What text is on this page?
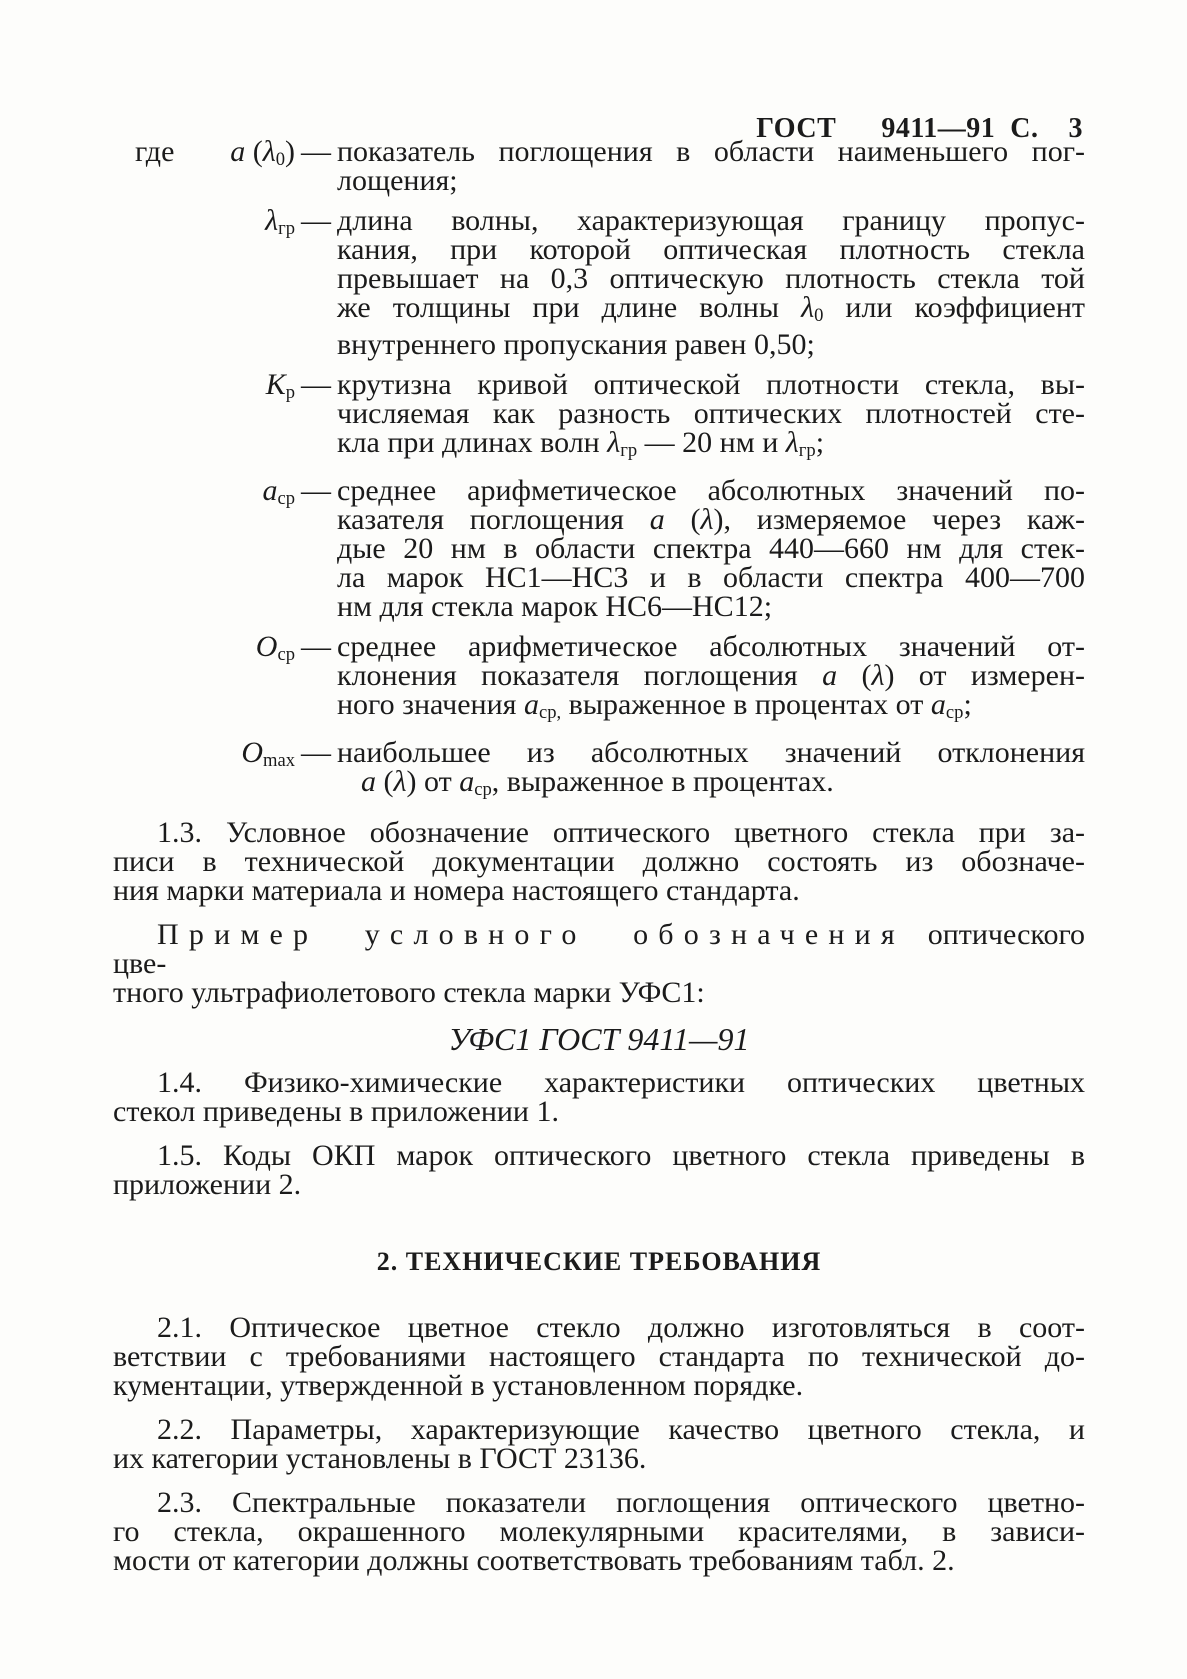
ГОСТ      9411—91  С.    3

где а (λ0) — показатель поглощения в области наименьшего пог-
лощения;
λгр — длина волны, характеризующая границу пропус-
кания, при которой оптическая плотность стекла
превышает на 0,3 оптическую плотность стекла той
же толщины при длине волны λ0 или коэффициент
внутреннего пропускания равен 0,50;
Кр — крутизна кривой оптической плотности стекла, вы-
числяемая как разность оптических плотностей сте-
кла при длинах волн λгр — 20 нм и λгр;
аср — среднее арифметическое абсолютных значений по-
казателя поглощения а (λ), измеряемое через каж-
дые 20 нм в области спектра 440—660 нм для стек-
ла марок НС1—НС3 и в области спектра 400—700
нм для стекла марок НС6—НС12;
Оср — среднее арифметическое абсолютных значений от-
клонения показателя поглощения а (λ) от измерен-
ного значения аср, выраженное в процентах от аср;
Оmax — наибольшее из абсолютных значений отклонения
а (λ) от аср, выраженное в процентах.
1.3. Условное обозначение оптического цветного стекла при за-
писи в технической документации должно состоять из обозначе-
ния марки материала и номера настоящего стандарта.
Пример условного обозначения оптического цве-
тного ультрафиолетового стекла марки УФС1:
УФС1 ГОСТ 9411—91
1.4. Физико-химические характеристики оптических цветных
стекол приведены в приложении 1.
1.5. Коды ОКП марок оптического цветного стекла приведены в
приложении 2.
2. ТЕХНИЧЕСКИЕ ТРЕБОВАНИЯ
2.1. Оптическое цветное стекло должно изготовляться в соот-
ветствии с требованиями настоящего стандарта по технической до-
кументации, утвержденной в установленном порядке.
2.2. Параметры, характеризующие качество цветного стекла, и
их категории установлены в ГОСТ 23136.
2.3. Спектральные показатели поглощения оптического цветно-
го стекла, окрашенного молекулярными красителями, в зависи-
мости от категории должны соответствовать требованиям табл. 2.
